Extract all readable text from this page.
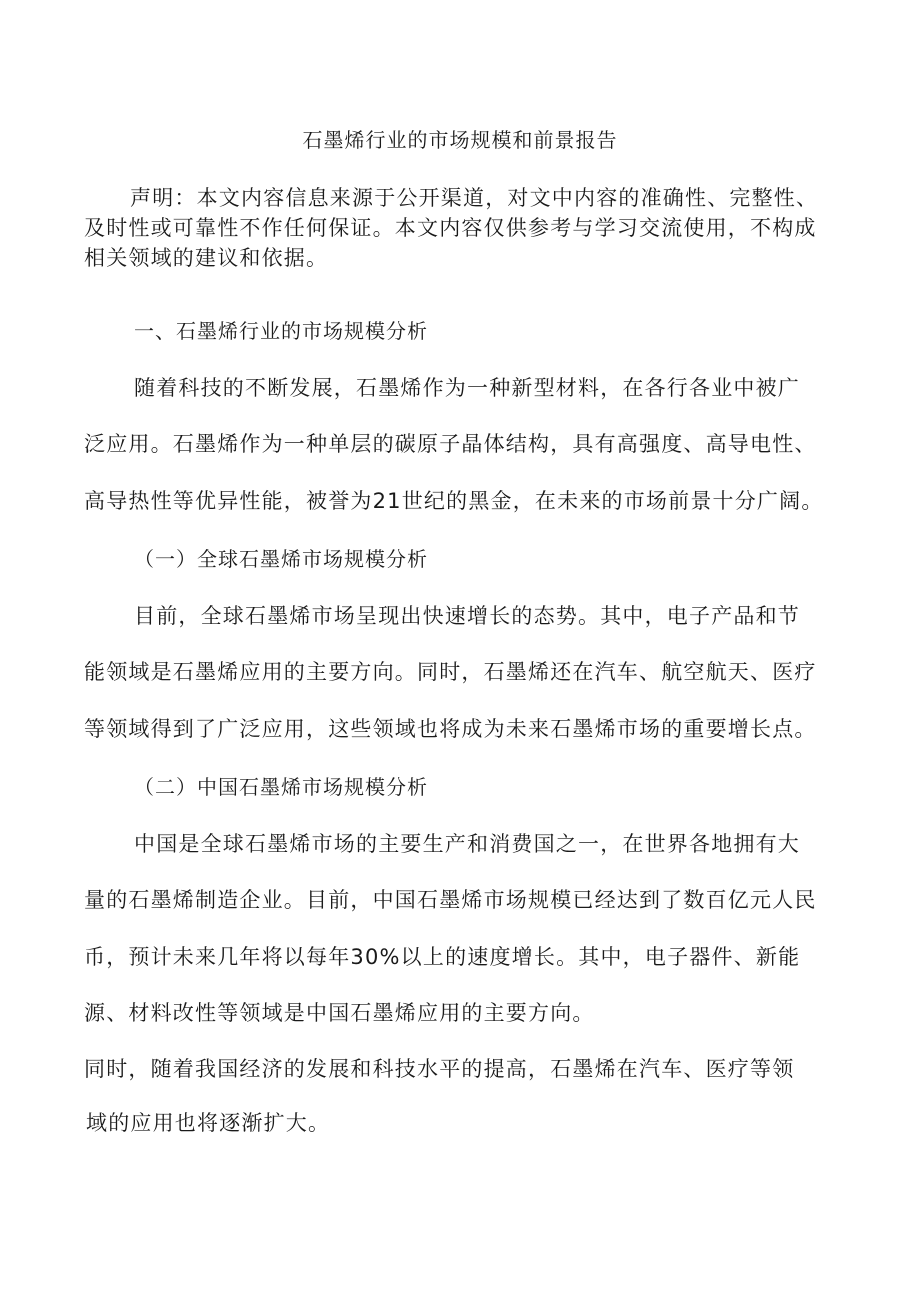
石墨烯行业的市场规模和前景报告
声明：本文内容信息来源于公开渠道，对文中内容的准确性、完整性、
及时性或可靠性不作任何保证。本文内容仅供参考与学习交流使用，不构成
相关领域的建议和依据。
一、石墨烯行业的市场规模分析
随着科技的不断发展，石墨烯作为一种新型材料，在各行各业中被广
泛应用。石墨烯作为一种单层的碳原子晶体结构，具有高强度、高导电性、
高导热性等优异性能，被誉为21世纪的黑金，在未来的市场前景十分广阔。
（一）全球石墨烯市场规模分析
目前，全球石墨烯市场呈现出快速增长的态势。其中，电子产品和节
能领域是石墨烯应用的主要方向。同时，石墨烯还在汽车、航空航天、医疗
等领域得到了广泛应用，这些领域也将成为未来石墨烯市场的重要增长点。
（二）中国石墨烯市场规模分析
中国是全球石墨烯市场的主要生产和消费国之一，在世界各地拥有大
量的石墨烯制造企业。目前，中国石墨烯市场规模已经达到了数百亿元人民
币，预计未来几年将以每年30%以上的速度增长。其中，电子器件、新能
源、材料改性等领域是中国石墨烯应用的主要方向。
同时，随着我国经济的发展和科技水平的提高，石墨烯在汽车、医疗等领
域的应用也将逐渐扩大。
